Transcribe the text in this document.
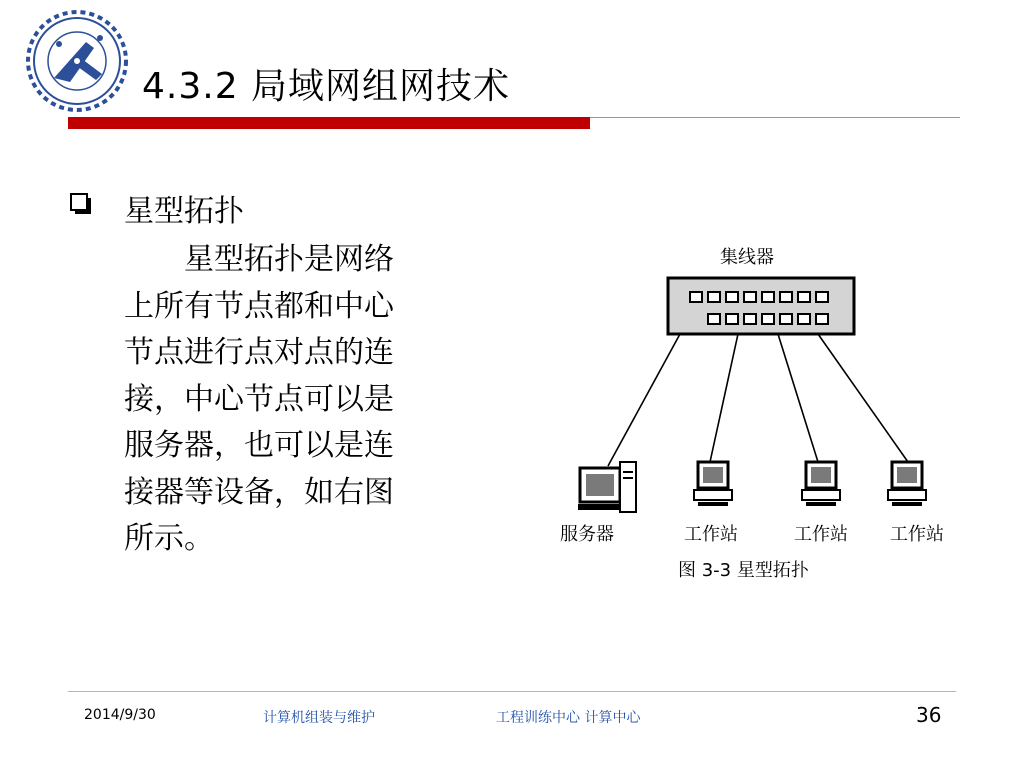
4.3.2 局域网组网技术
星型拓扑
　　星型拓扑是网络
上所有节点都和中心
节点进行点对点的连
接，中心节点可以是
服务器，也可以是连
接器等设备，如右图
所示。
集线器
服务器	工作站	工作站 工作站
图 3-3 星型拓扑
2014/9/30	计算机组装与维护	工程训练中心 计算中心	36
